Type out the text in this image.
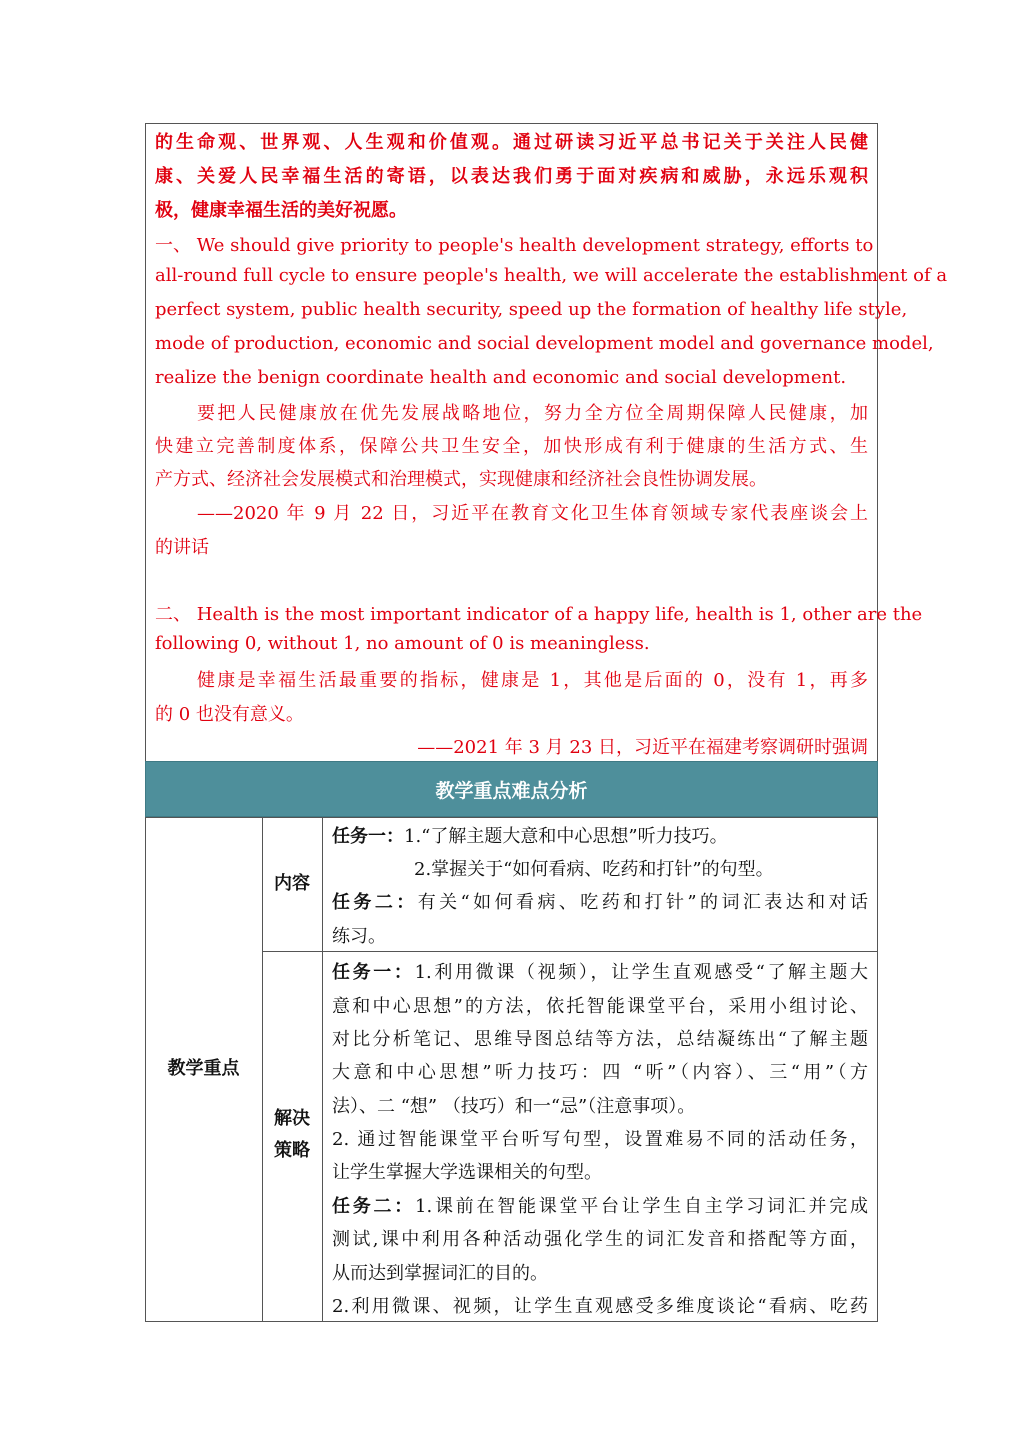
的生命观、世界观、人生观和价值观。通过研读习近平总书记关于关注人民健
康、关爱人民幸福生活的寄语，以表达我们勇于面对疾病和威胁，永远乐观积
极，健康幸福生活的美好祝愿。
一、 We should give priority to people's health development strategy, efforts to
all-round full cycle to ensure people's health, we will accelerate the establishment of a
perfect system, public health security, speed up the formation of healthy life style,
mode of production, economic and social development model and governance model,
realize the benign coordinate health and economic and social development.
要把人民健康放在优先发展战略地位，努力全方位全周期保障人民健康，加
快建立完善制度体系，保障公共卫生安全，加快形成有利于健康的生活方式、生
产方式、经济社会发展模式和治理模式，实现健康和经济社会良性协调发展。
——2020 年 9 月 22 日，习近平在教育文化卫生体育领域专家代表座谈会上
的讲话
二、 Health is the most important indicator of a happy life, health is 1, other are the
following 0, without 1, no amount of 0 is meaningless.
健康是幸福生活最重要的指标，健康是 1，其他是后面的 0，没有 1，再多
的 0 也没有意义。
——2021 年 3 月 23 日，习近平在福建考察调研时强调
教学重点难点分析
教学重点
内容
解决策略
任务一：1.“了解主题大意和中心思想”听力技巧。
2.掌握关于“如何看病、吃药和打针”的句型。
任务二：有关“如何看病、吃药和打针”的词汇表达和对话
练习。
任务一：1.利用微课（视频），让学生直观感受“了解主题大
意和中心思想”的方法，依托智能课堂平台，采用小组讨论、
对比分析笔记、思维导图总结等方法，总结凝练出“了解主题
大意和中心思想”听力技巧：四 “听”（内容）、三“用”（方
法）、二 “想” （技巧）和一“忌”（注意事项）。
2. 通过智能课堂平台听写句型，设置难易不同的活动任务，
让学生掌握大学选课相关的句型。
任务二：1.课前在智能课堂平台让学生自主学习词汇并完成
测试,课中利用各种活动强化学生的词汇发音和搭配等方面，
从而达到掌握词汇的目的。
2.利用微课、视频，让学生直观感受多维度谈论“看病、吃药
